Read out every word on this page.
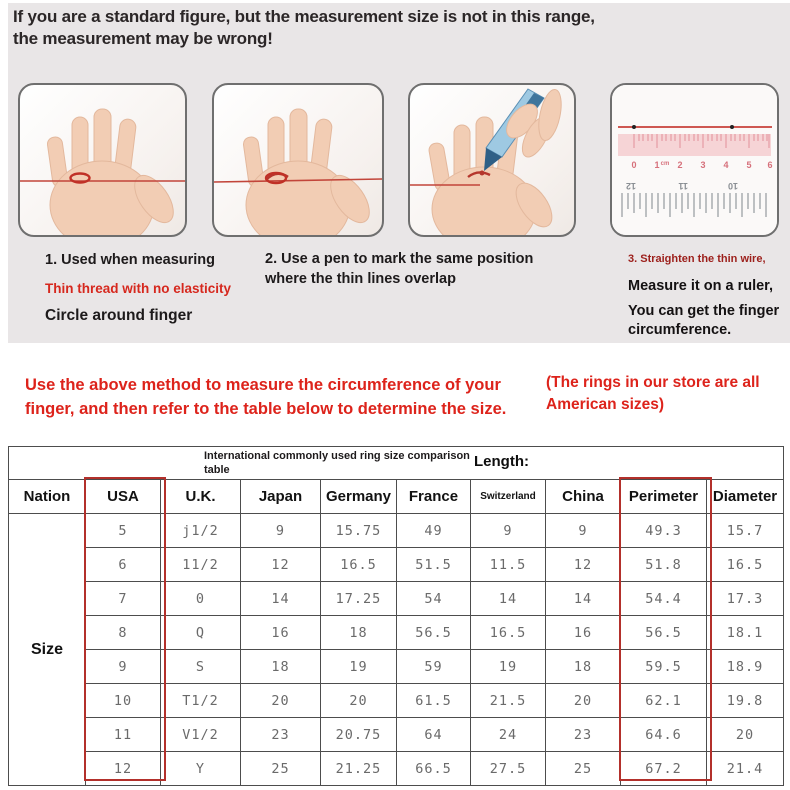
If you are a standard figure, but the measurement size is not in this range, the measurement may be wrong!
0 1 cm 2 3 4 5 6
12	11	10
1. Used when measuring
Thin thread with no elasticity
Circle around finger
2. Use a pen to mark the same position where the thin lines overlap
3. Straighten the thin wire,
Measure it on a ruler,
You can get the finger circumference.
Use the above method to measure the circumference of your finger, and then refer to the table below to determine the size.
(The rings in our store are all American sizes)
International commonly used ring size comparison table Length:									

Nation	USA	U.K.	Japan	Germany	France	Switzerland	China	Perimeter	Diameter
Size	5	j1/2	9	15.75	49	9	9	49.3	15.7
	6	11/2	12	16.5	51.5	11.5	12	51.8	16.5
	7	0	14	17.25	54	14	14	54.4	17.3
	8	Q	16	18	56.5	16.5	16	56.5	18.1
	9	S	18	19	59	19	18	59.5	18.9
	10	T1/2	20	20	61.5	21.5	20	62.1	19.8
	11	V1/2	23	20.75	64	24	23	64.6	20
	12	Y	25	21.25	66.5	27.5	25	67.2	21.4
